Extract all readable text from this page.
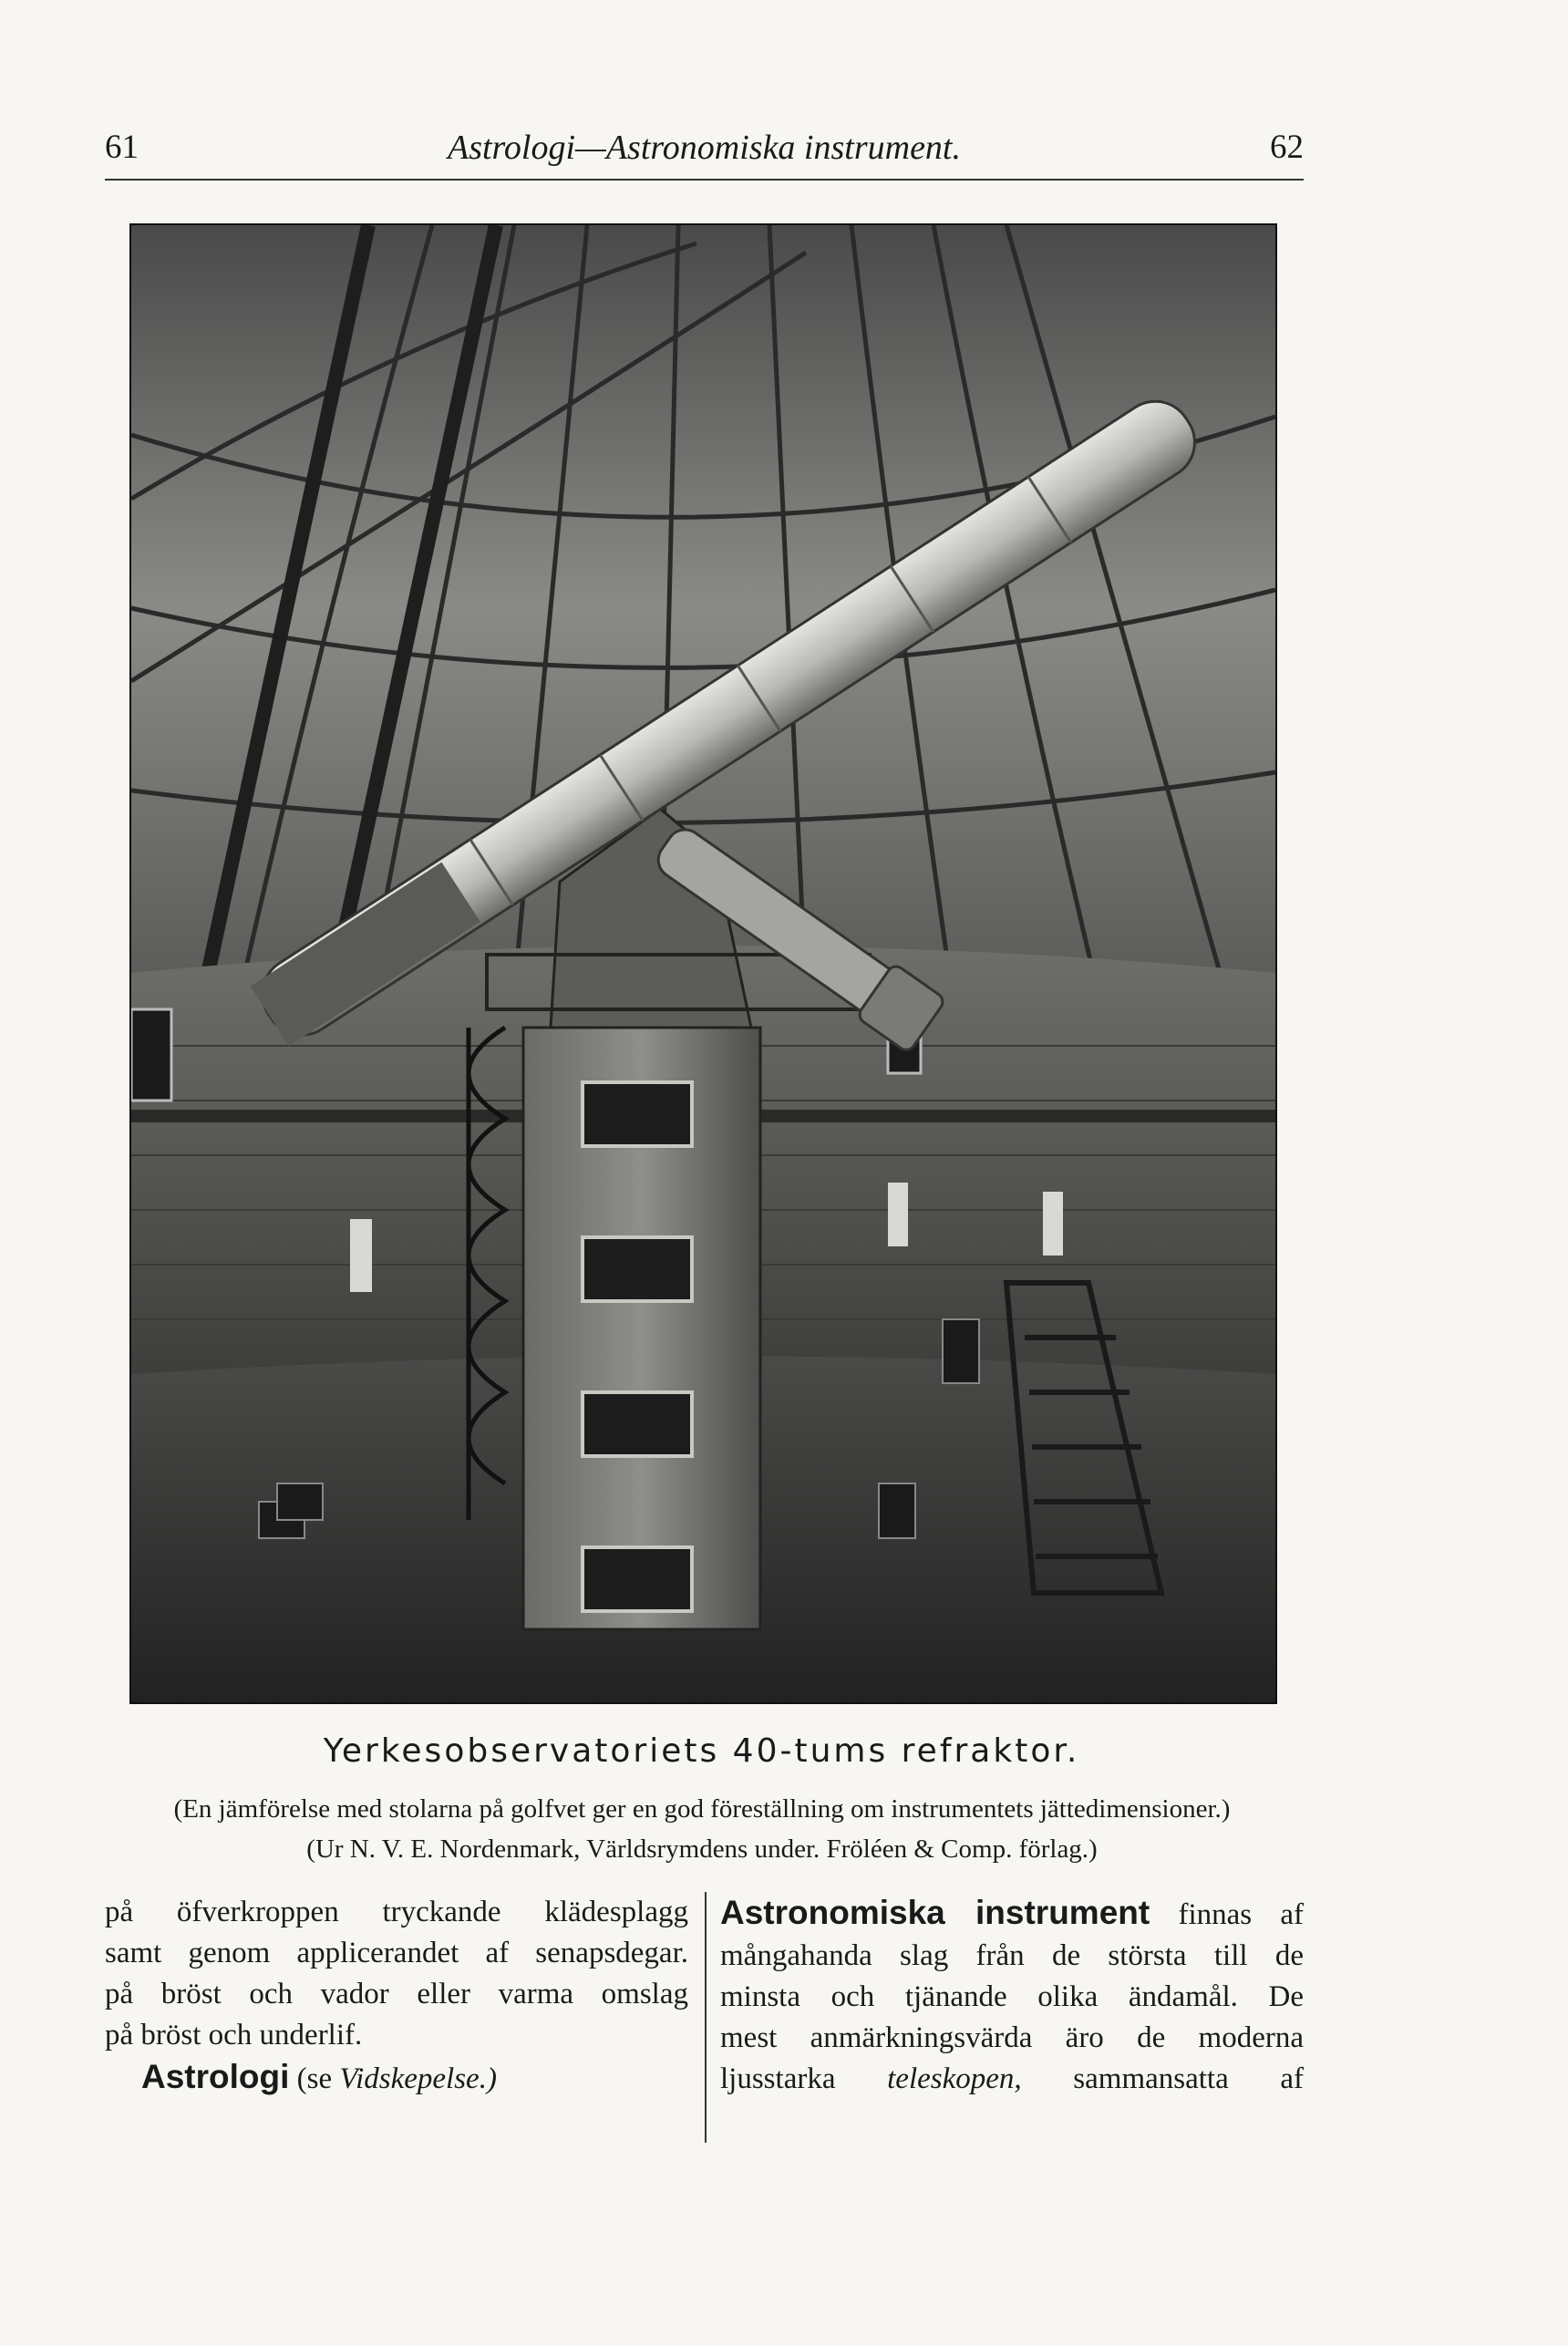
61	Astrologi—Astronomiska instrument.	62
Yerkesobservatoriets 40-tums refraktor.
(En jämförelse med stolarna på golfvet ger en god föreställning om instrumentets jättedimensioner.)
(Ur N. V. E. Nordenmark, Världsrymdens under. Fröléen & Comp. förlag.)
på öfverkroppen tryckande klädesplagg
samt genom applicerandet af senapsdegar.
på bröst och vador eller varma omslag
på bröst och underlif.
Astrologi (se Vidskepelse.)
Astronomiska instrument finnas af
mångahanda slag från de största till de
minsta och tjänande olika ändamål. De
mest anmärkningsvärda äro de moderna
ljusstarka teleskopen, sammansatta af
